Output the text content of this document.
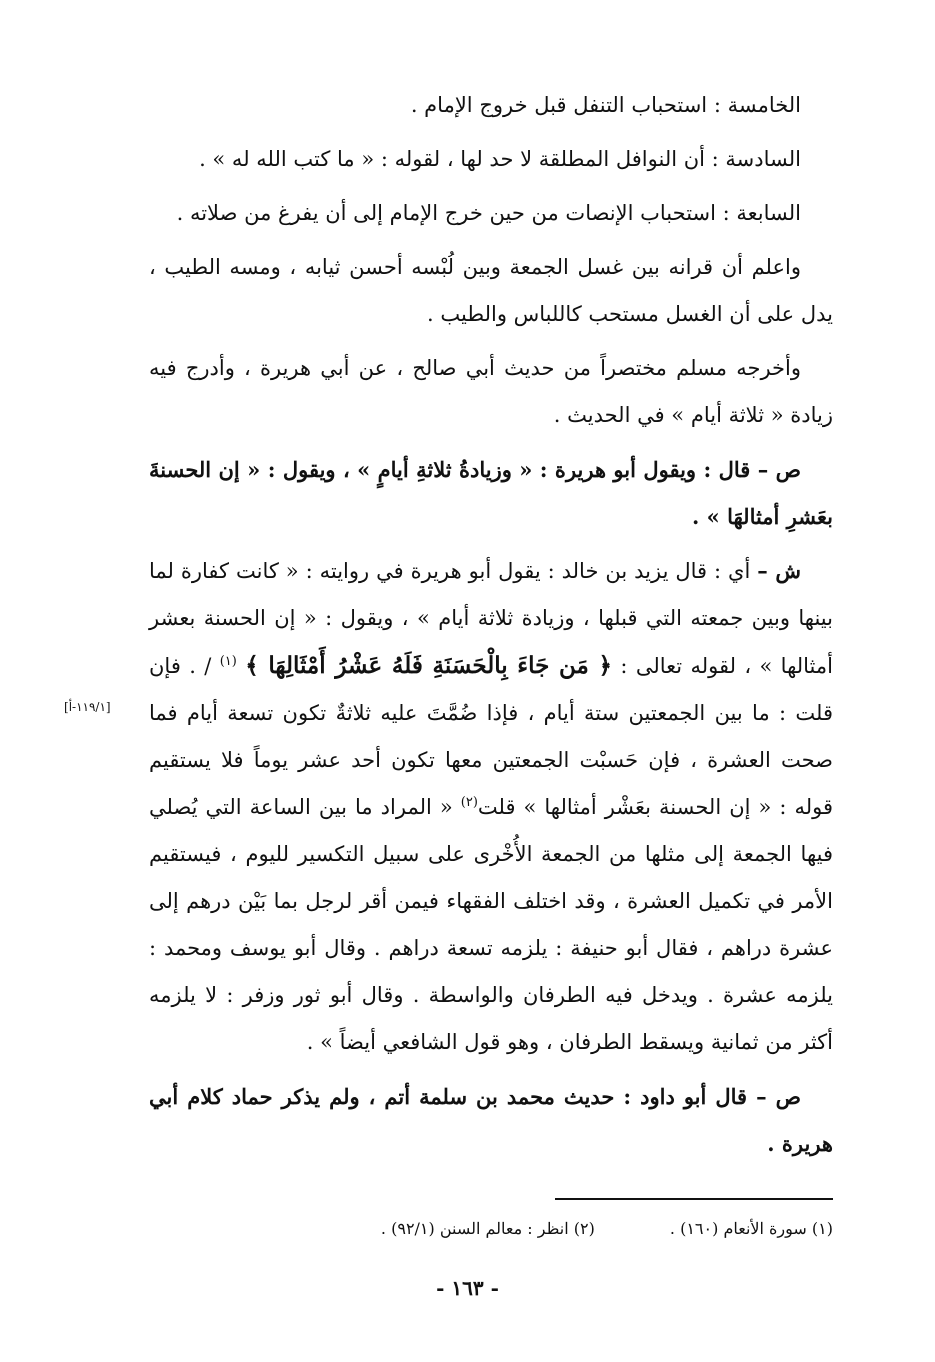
الخامسة : استحباب التنفل قبل خروج الإمام .

السادسة : أن النوافل المطلقة لا حد لها ، لقوله : « ما كتب الله له » .

السابعة : استحباب الإنصات من حين خرج الإمام إلى أن يفرغ من صلاته .

واعلم أن قرانه بين غسل الجمعة وبين لُبْسه أحسن ثيابه ، ومسه الطيب ، يدل على أن الغسل مستحب كاللباس والطيب .

وأخرجه مسلم مختصراً من حديث أبي صالح ، عن أبي هريرة ، وأدرج فيه زيادة « ثلاثة أيام » في الحديث .

ص – قال : ويقول أبو هريرة : « وزيادةُ ثلاثةِ أيامٍ » ، ويقول : « إن الحسنةَ بعَشرِ أمثالهَا » .

ش – أي : قال يزيد بن خالد : يقول أبو هريرة في روايته : « كانت كفارة لما بينها وبين جمعته التي قبلها ، وزيادة ثلاثة أيام » ، ويقول : « إن الحسنة بعشر أمثالها » ، لقوله تعالى : ﴿ مَن جَاءَ بِالْحَسَنَةِ فَلَهُ عَشْرُ أَمْثَالِهَا ﴾ $^{(١)}$ / . فإن قلت : ما بين الجمعتين ستة أيام ، فإذا ضُمَّتَ عليه ثلاثةٌ تكون تسعة أيام فما صحت العشرة ، فإن حَسبْت الجمعتين معها تكون أحد عشر يوماً فلا يستقيم قوله : « إن الحسنة بعَشْر أمثالها » قلت$^{(٢)}$ « المراد ما بين الساعة التي يُصلي فيها الجمعة إلى مثلها من الجمعة الأُخْرى على سبيل التكسير لليوم ، فيستقيم الأمر في تكميل العشرة ، وقد اختلف الفقهاء فيمن أقر لرجل بما بَيْن درهم إلى عشرة دراهم ، فقال أبو حنيفة : يلزمه تسعة دراهم . وقال أبو يوسف ومحمد : يلزمه عشرة . ويدخل فيه الطرفان والواسطة . وقال أبو ثور وزفر : لا يلزمه أكثر من ثمانية ويسقط الطرفان ، وهو قول الشافعي أيضاً » .

ص – قال أبو داود : حديث محمد بن سلمة أتم ، ولم يذكر حماد كلام أبي هريرة .

[١١٩/١-أ]
(١) سورة الأنعام (١٦٠) . (٢) انظر : معالم السنن (٩٢/١) .
- ١٦٣ -
